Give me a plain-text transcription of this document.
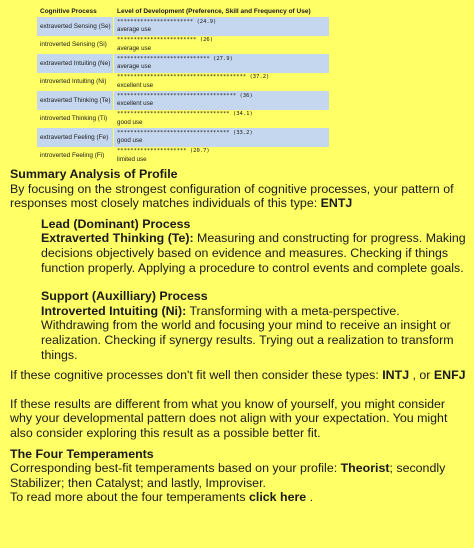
Cognitive Process	Level of Development (Preference, Skill and Frequency of Use)
extraverted Sensing (Se)
*********************** (24.9)
average use
introverted Sensing (Si)
************************ (26)
average use
extraverted Intuiting (Ne)
**************************** (27.9)
average use
introverted Intuiting (Ni)
*************************************** (37.2)
excellent use
extraverted Thinking (Te)
************************************ (36)
excellent use
introverted Thinking (Ti)
********************************** (34.1)
good use
extraverted Feeling (Fe)
********************************** (33.2)
good use
introverted Feeling (Fi)
********************* (20.7)
limited use

Summary Analysis of Profile

By focusing on the strongest configuration of cognitive processes, your pattern of responses most closely matches individuals of this type: ENTJ

Lead (Dominant) Process

Extraverted Thinking (Te): Measuring and constructing for progress. Making decisions objectively based on evidence and measures. Checking if things function properly. Applying a procedure to control events and complete goals.

Support (Auxilliary) Process

Introverted Intuiting (Ni): Transforming with a meta-perspective. Withdrawing from the world and focusing your mind to receive an insight or realization. Checking if synergy results. Trying out a realization to transform things.

If these cognitive processes don't fit well then consider these types: INTJ , or ENFJ

If these results are different from what you know of yourself, you might consider why your developmental pattern does not align with your expectation. You might also consider exploring this result as a possible better fit.

The Four Temperaments

Corresponding best-fit temperaments based on your profile: Theorist; secondly Stabilizer; then Catalyst; and lastly, Improviser.

To read more about the four temperaments click here .
